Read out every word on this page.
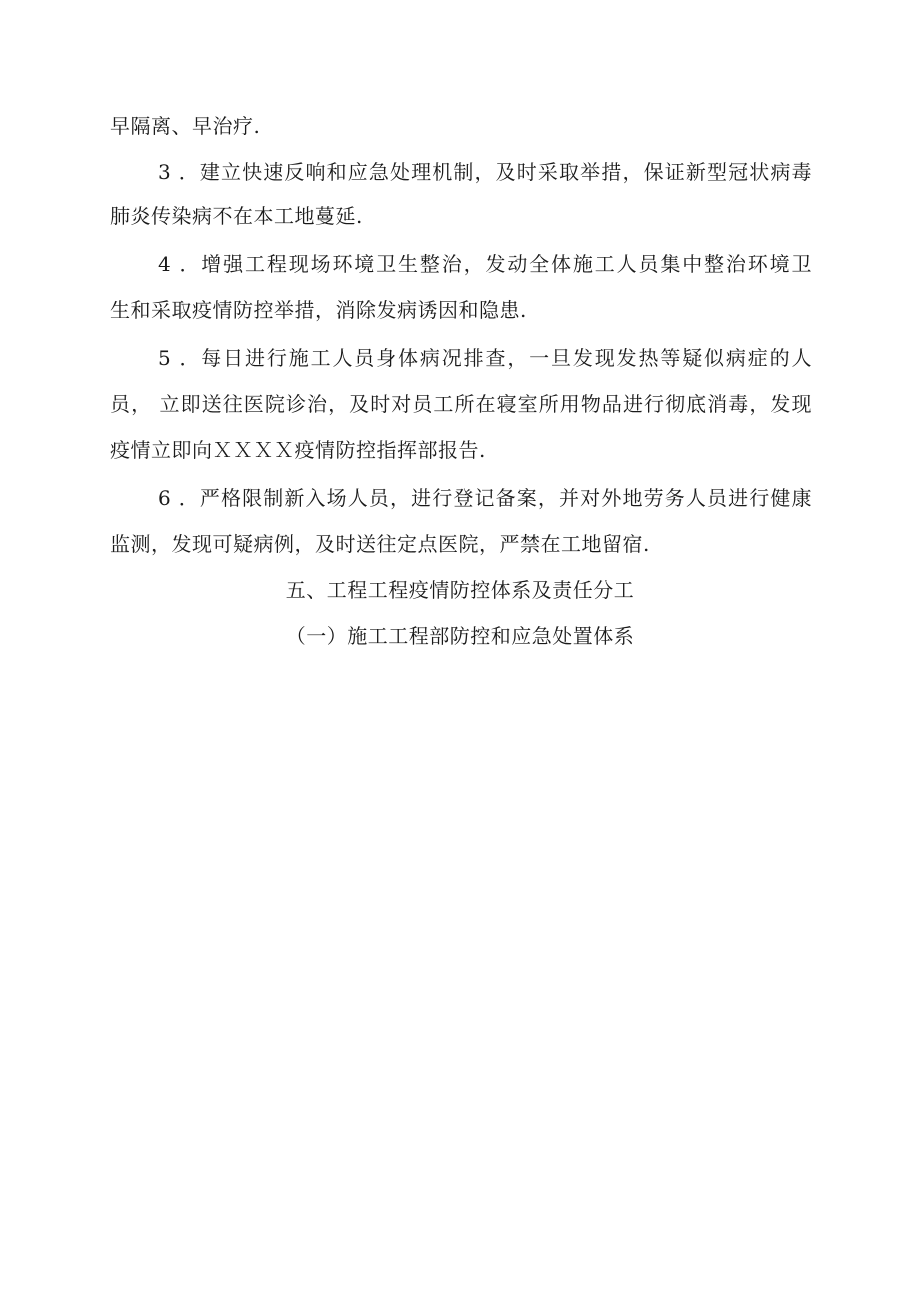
早隔离、早治疗.
3 ．建立快速反响和应急处理机制，及时采取举措，保证新型冠状病毒
肺炎传染病不在本工地蔓延.
4 ．增强工程现场环境卫生整治，发动全体施工人员集中整治环境卫
生和采取疫情防控举措，消除发病诱因和隐患.
5 ．每日进行施工人员身体病况排查，一旦发现发热等疑似病症的人
员， 立即送往医院诊治，及时对员工所在寝室所用物品进行彻底消毒，发现
疫情立即向ＸＸＸＸ疫情防控指挥部报告.
6 ．严格限制新入场人员，进行登记备案，并对外地劳务人员进行健康
监测，发现可疑病例，及时送往定点医院，严禁在工地留宿.
五、工程工程疫情防控体系及责任分工
（一）施工工程部防控和应急处置体系
